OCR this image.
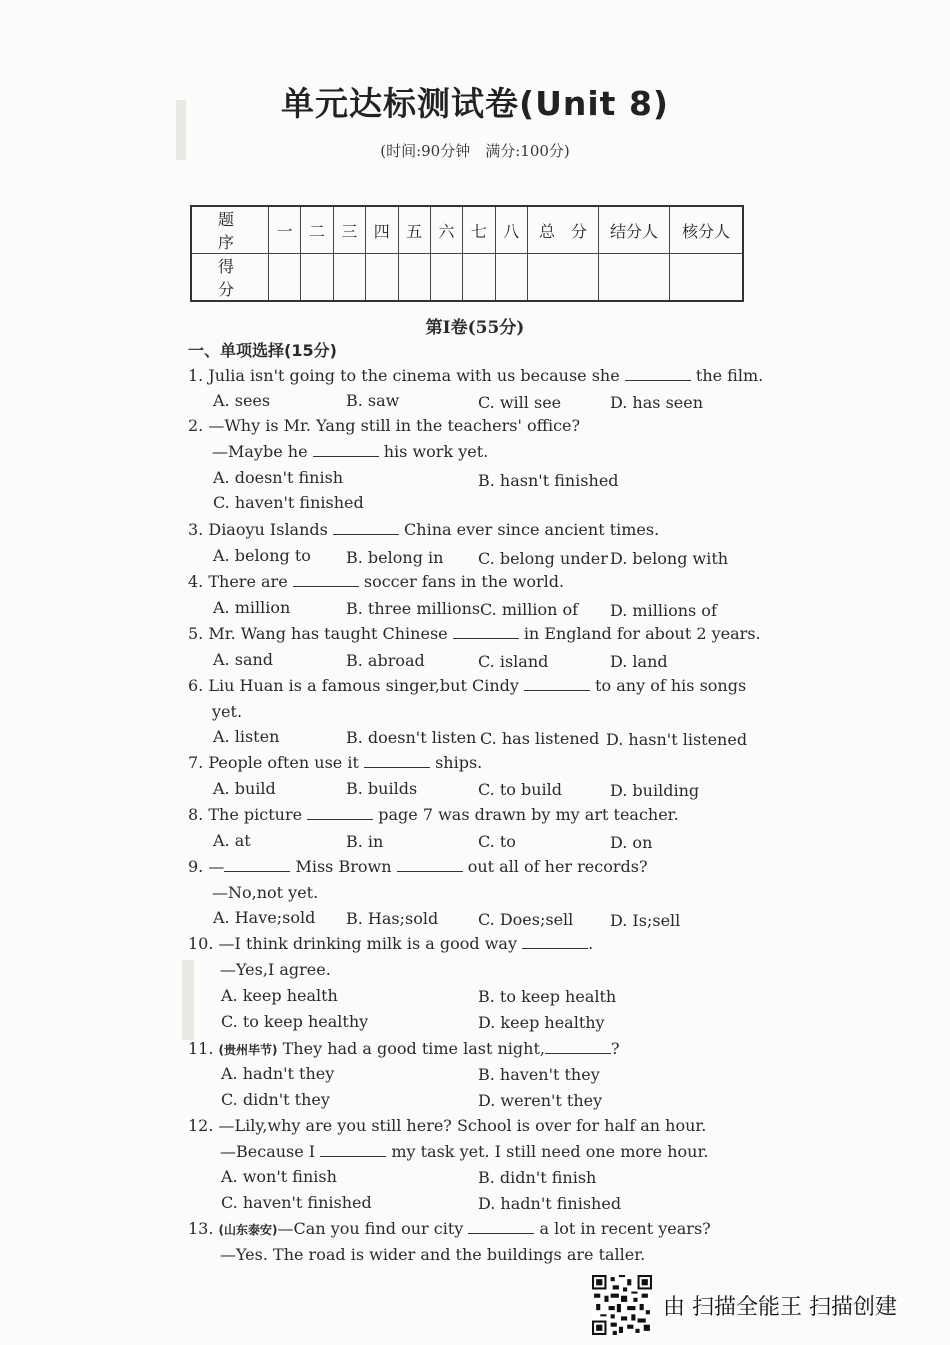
单元达标测试卷(Unit 8)
(时间:90分钟　满分:100分)
题　序	一	二	三	四	五	六	七	八	总　分	结分人	核分人
得　分											
第Ⅰ卷(55分)
一、单项选择(15分)
1. Julia isn't going to the cinema with us because she	the film.
A. sees	B. saw	C. will see	D. has seen
2. —Why is Mr. Yang still in the teachers' office?
—Maybe he	his work yet.
A. doesn't finish	B. hasn't finished
C. haven't finished
3. Diaoyu Islands	China ever since ancient times.
A. belong to B. belong in C. belong under D. belong with
4. There are	soccer fans in the world.
A. million	B. three millions C. million of D. millions of
5. Mr. Wang has taught Chinese	in England for about 2 years.
A. sand	B. abroad	C. island	D. land
6. Liu Huan is a famous singer,but Cindy	to any of his songs
yet.
A. listen	B. doesn't listen C. has listened D. hasn't listened
7. People often use it	ships.
A. build	B. builds	C. to build	D. building
8. The picture	page 7 was drawn by my art teacher.
A. at	B. in	C. to	D. on
9. —	Miss Brown	out all of her records?
—No,not yet.
A. Have;sold B. Has;sold C. Does;sell D. Is;sell
10. —I think drinking milk is a good way	.
—Yes,I agree.
A. keep health	B. to keep health
C. to keep healthy	D. keep healthy
11. (贵州毕节) They had a good time last night,	?
A. hadn't they	B. haven't they
C. didn't they	D. weren't they
12. —Lily,why are you still here? School is over for half an hour.
—Because I	my task yet. I still need one more hour.
A. won't finish	B. didn't finish
C. haven't finished	D. hadn't finished
13. (山东泰安)—Can you find our city	a lot in recent years?
—Yes. The road is wider and the buildings are taller.
由 扫描全能王 扫描创建
